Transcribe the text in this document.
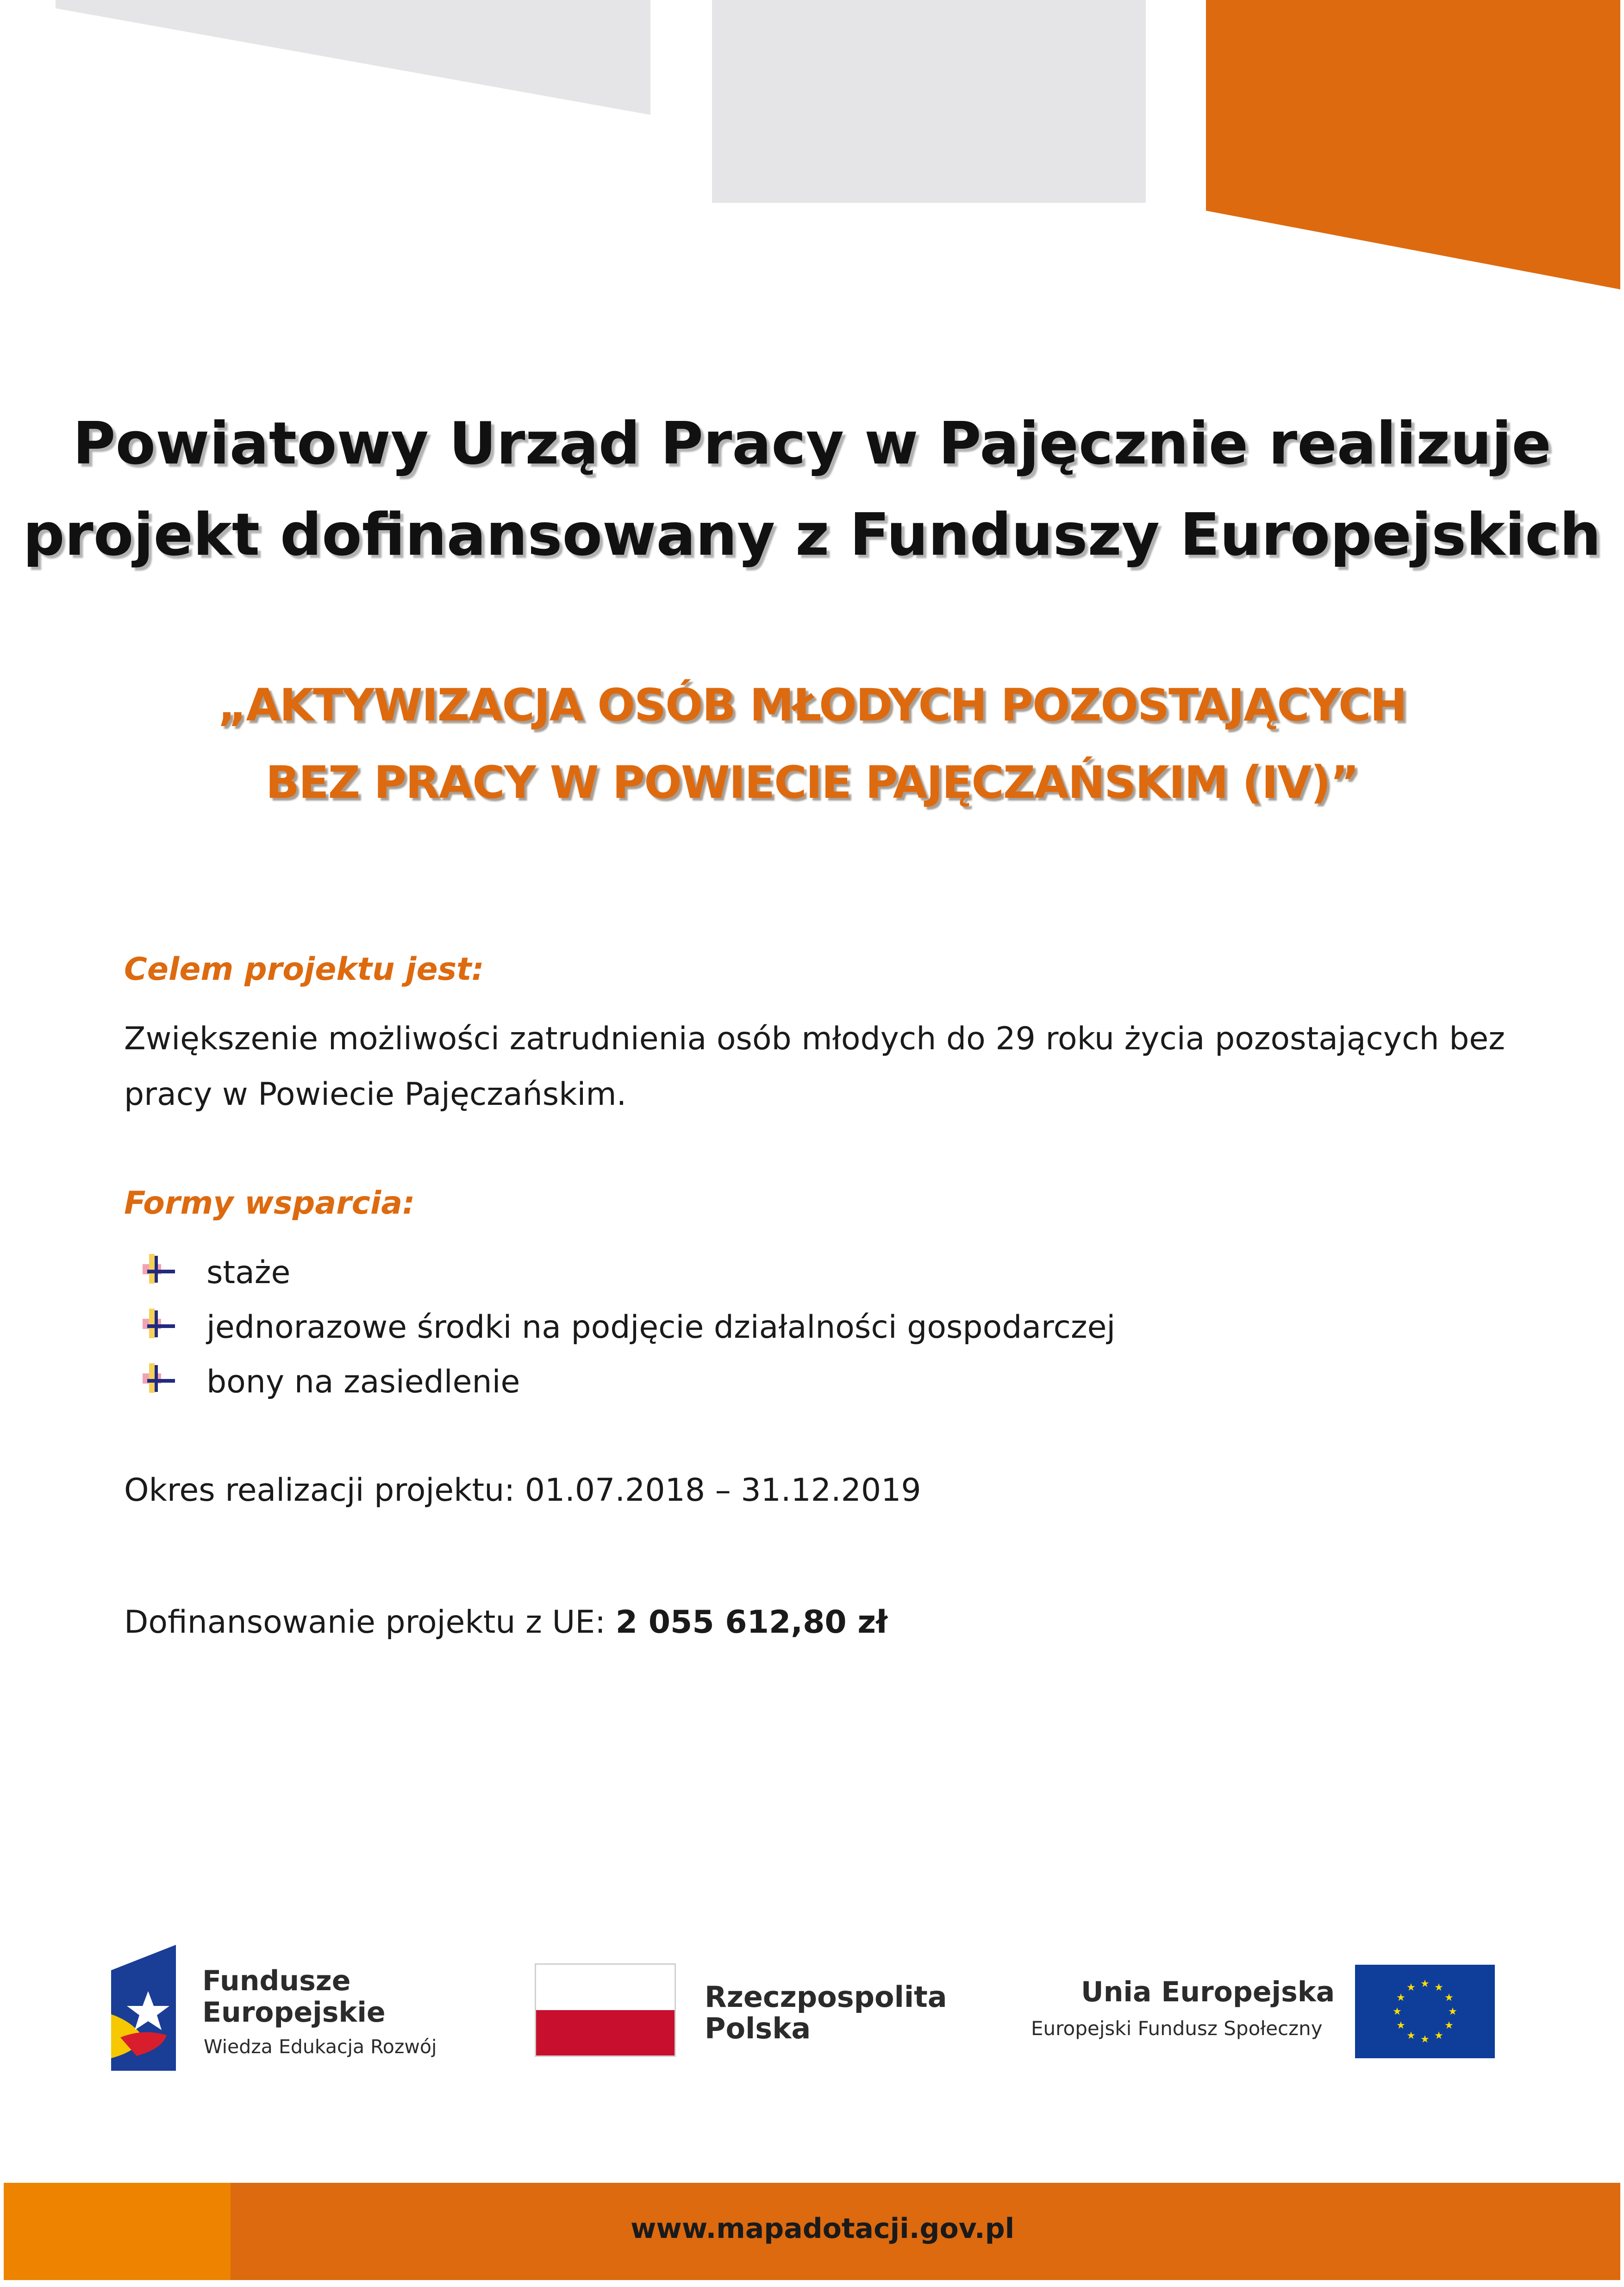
Powiatowy Urząd Pracy w Pajęcznie realizuje
projekt dofinansowany z Funduszy Europejskich
„AKTYWIZACJA OSÓB MŁODYCH POZOSTAJĄCYCH
BEZ PRACY W POWIECIE PAJĘCZAŃSKIM (IV)”
Celem projektu jest:
Zwiększenie możliwości zatrudnienia osób młodych do 29 roku życia pozostających bez
pracy w Powiecie Pajęczańskim.
Formy wsparcia:
staże
jednorazowe środki na podjęcie działalności gospodarczej
bony na zasiedlenie
Okres realizacji projektu: 01.07.2018 – 31.12.2019
Dofinansowanie projektu z UE: 2 055 612,80 zł
Fundusze
Europejskie
Wiedza Edukacja Rozwój
Rzeczpospolita
Polska
Unia Europejska
Europejski Fundusz Społeczny
★ ★
★
★
★
★
★
★
★
★
★
★
www.mapadotacji.gov.pl
